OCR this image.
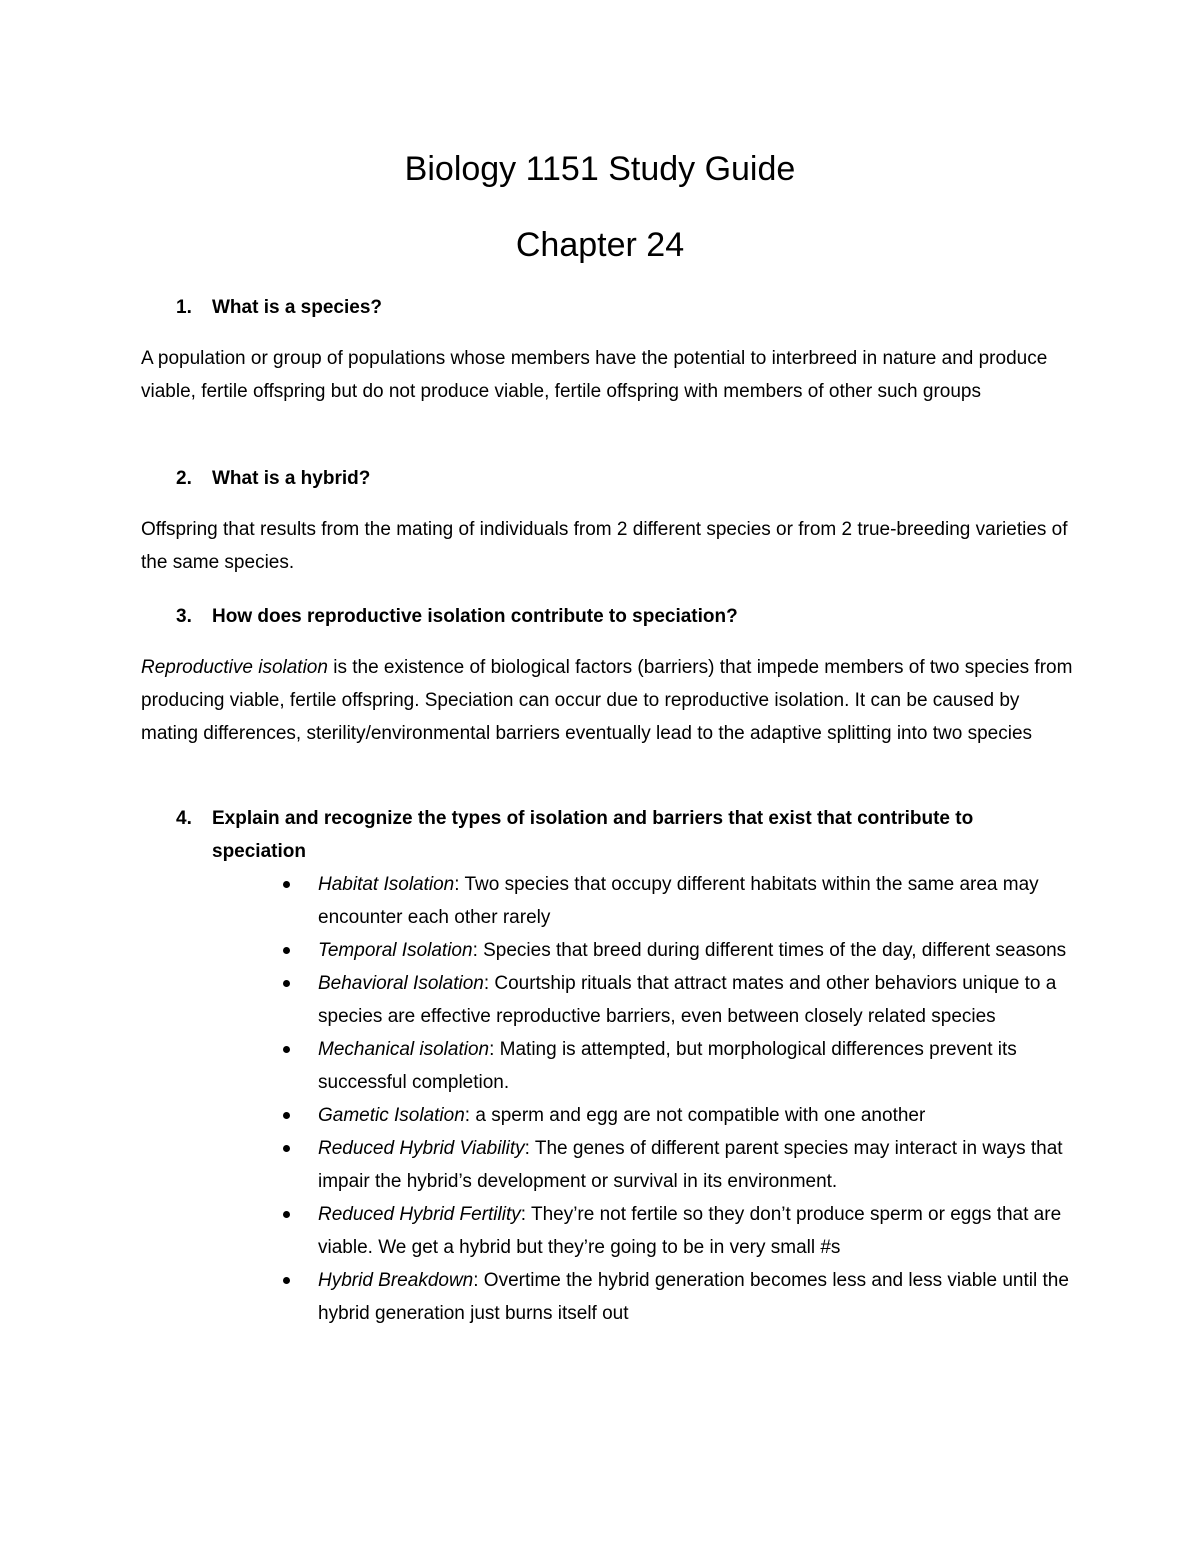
Biology 1151 Study Guide
Chapter 24

1. What is a species?

A population or group of populations whose members have the potential to interbreed in nature and produce viable, fertile offspring but do not produce viable, fertile offspring with members of other such groups

2. What is a hybrid?

Offspring that results from the mating of individuals from 2 different species or from 2 true-breeding varieties of the same species.

3. How does reproductive isolation contribute to speciation?

Reproductive isolation is the existence of biological factors (barriers) that impede members of two species from producing viable, fertile offspring. Speciation can occur due to reproductive isolation. It can be caused by mating differences, sterility/environmental barriers eventually lead to the adaptive splitting into two species

4. Explain and recognize the types of isolation and barriers that exist that contribute to speciation

Habitat Isolation: Two species that occupy different habitats within the same area may encounter each other rarely
Temporal Isolation: Species that breed during different times of the day, different seasons
Behavioral Isolation: Courtship rituals that attract mates and other behaviors unique to a species are effective reproductive barriers, even between closely related species
Mechanical isolation: Mating is attempted, but morphological differences prevent its successful completion.
Gametic Isolation: a sperm and egg are not compatible with one another
Reduced Hybrid Viability: The genes of different parent species may interact in ways that impair the hybrid’s development or survival in its environment.
Reduced Hybrid Fertility: They’re not fertile so they don’t produce sperm or eggs that are viable. We get a hybrid but they’re going to be in very small #s
Hybrid Breakdown: Overtime the hybrid generation becomes less and less viable until the hybrid generation just burns itself out
